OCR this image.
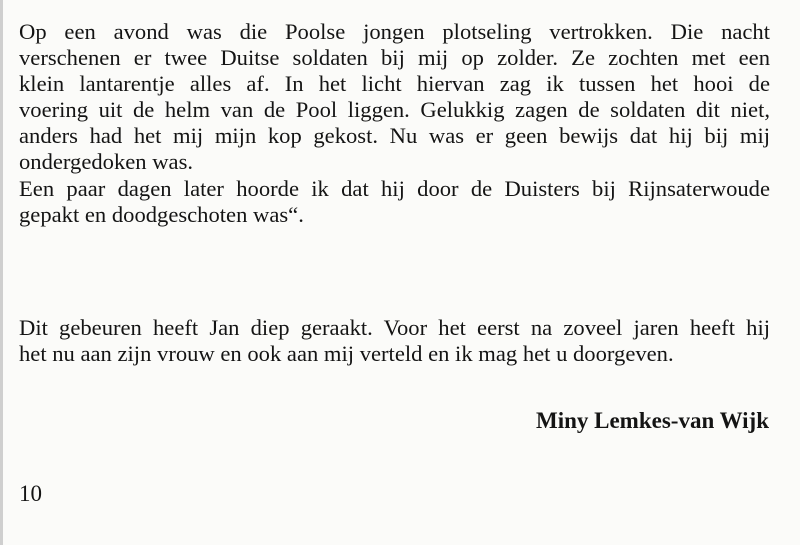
Op een avond was die Poolse jongen plotseling vertrokken. Die nacht
verschenen er twee Duitse soldaten bij mij op zolder. Ze zochten met een
klein lantarentje alles af. In het licht hiervan zag ik tussen het hooi de
voering uit de helm van de Pool liggen. Gelukkig zagen de soldaten dit niet,
anders had het mij mijn kop gekost. Nu was er geen bewijs dat hij bij mij
ondergedoken was.
Een paar dagen later hoorde ik dat hij door de Duisters bij Rijnsaterwoude
gepakt en doodgeschoten was“.
Dit gebeuren heeft Jan diep geraakt. Voor het eerst na zoveel jaren heeft hij
het nu aan zijn vrouw en ook aan mij verteld en ik mag het u doorgeven.
Miny Lemkes-van Wijk
10
